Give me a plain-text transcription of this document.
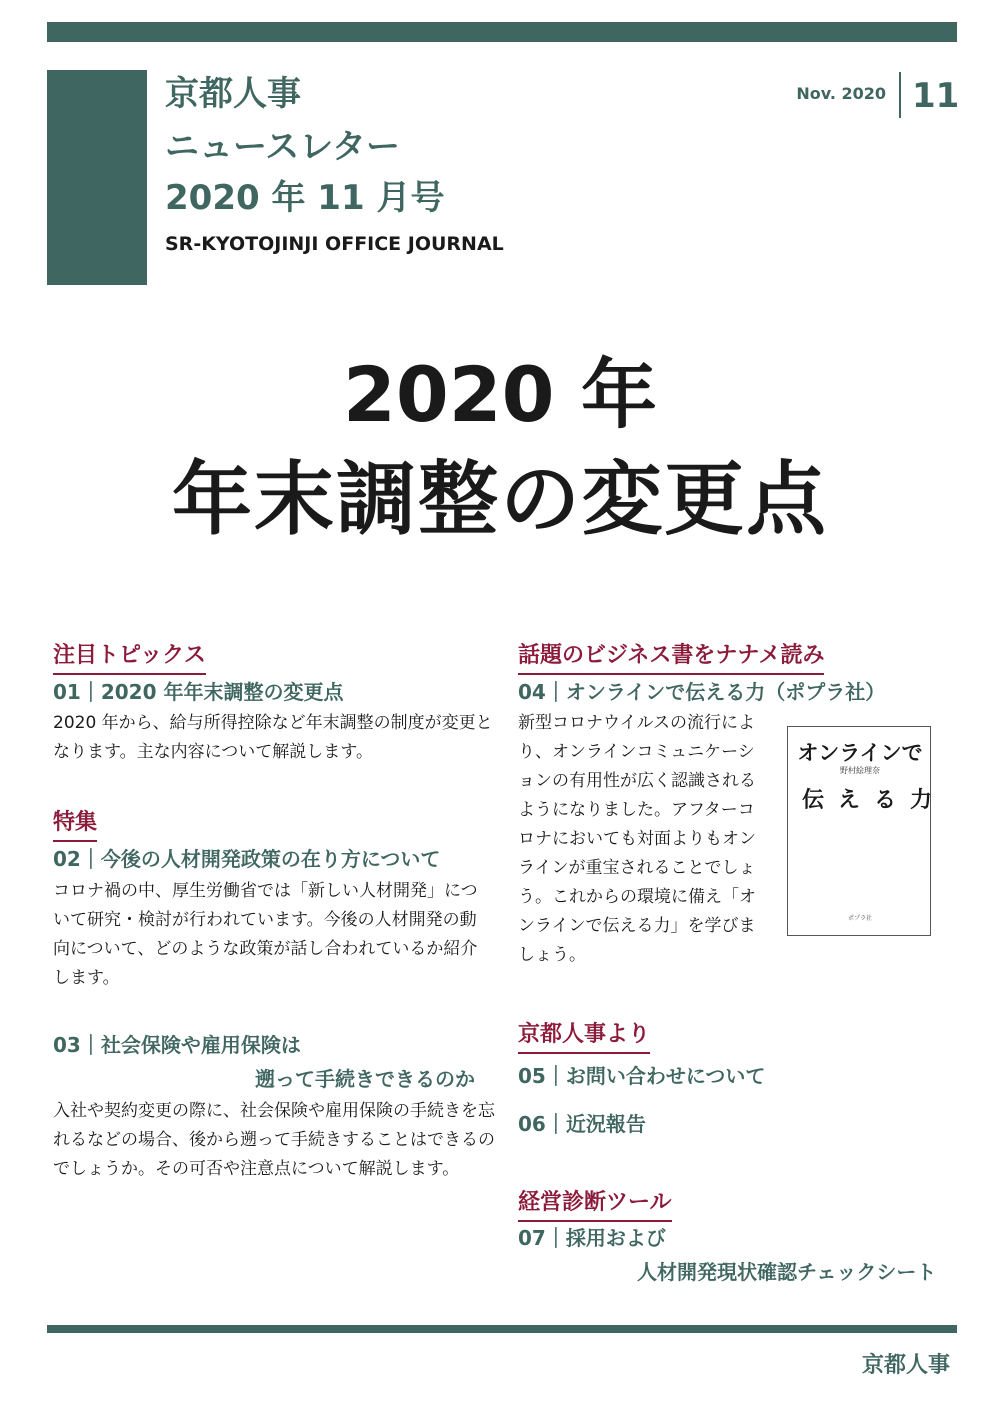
京都人事
ニュースレター
2020 年 11 月号
SR-KYOTOJINJI OFFICE JOURNAL
Nov. 2020 11
2020 年
年末調整の変更点
注目トピックス
01｜2020 年年末調整の変更点
2020 年から、給与所得控除など年末調整の制度が変更となります。主な内容について解説します。
特集
02｜今後の人材開発政策の在り方について
コロナ禍の中、厚生労働省では「新しい人材開発」について研究・検討が行われています。今後の人材開発の動向について、どのような政策が話し合われているか紹介します。
03｜社会保険や雇用保険は
遡って手続きできるのか
入社や契約変更の際に、社会保険や雇用保険の手続きを忘れるなどの場合、後から遡って手続きすることはできるのでしょうか。その可否や注意点について解説します。
話題のビジネス書をナナメ読み
04｜オンラインで伝える力（ポプラ社）
新型コロナウイルスの流行により、オンラインコミュニケーションの有用性が広く認識されるようになりました。アフターコロナにおいても対面よりもオンラインが重宝されることでしょう。これからの環境に備え「オンラインで伝える力」を学びましょう。
オンラインで
野村絵理奈
伝える力
ポプラ社
京都人事より
05｜お問い合わせについて
06｜近況報告
経営診断ツール
07｜採用および
人材開発現状確認チェックシート
京都人事
